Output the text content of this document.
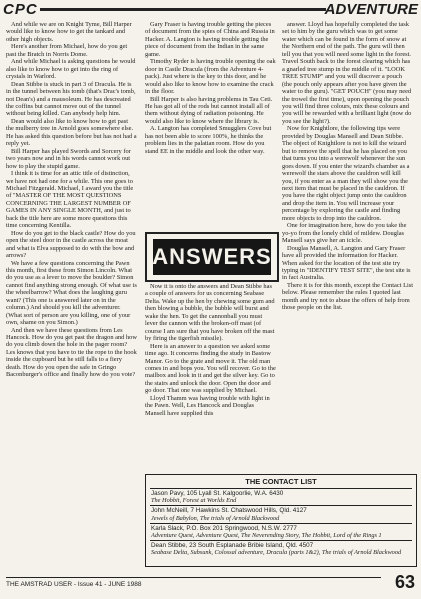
CPC	ADVENTURE

And while we are on Knight Tyme, Bill Harper would like to know how to get the tankard and other high objects.

Here's another from Michael, how do you get past the Bratch in Norris Dome.

And while Michael is asking questions he would also like to know how to get into the ring of crystals in Warlord.

Dean Stibbe is stuck in part 3 of Dracula. He is in the tunnel between his tomb (that's Drac's tomb, not Dean's) and a mausoleum. He has descreated the coffins but cannot move out of the tunnel without being killed. Can anybody help him.

Dean would also like to know how to get past the mulberry tree in Arnold goes somewhere else. He has asked this question before but has not had a reply yet.

Bill Harper has played Swords and Sorcery for two years now and in his words cannot work out how to play the stupid game.

I think it is time for an attic title of distinction, we have not had one for a while. This one goes to Michael Fitzgerald. Michael, I award you the title of "MASTER OF THE MOST QUESTIONS CONCERNING THE LARGEST NUMBER OF GAMES IN ANY SINGLE MONTH, and just to back the title here are some more questions this time concerning Kentilla.

How do you get to the black castle? How do you open the steel door in the castle across the moat and what is Elva supposed to do with the bow and arrows?

We have a few questions concerning the Pawn this month, first these from Simon Lincoln. What do you use as a lever to move the boulder? Simon cannot find anything strong enough. Of what use is the wheelbarrow? What does the laughing guru want? (This one is answered later on in the column.) And should you kill the adventurer. (What sort of person are you killing, one of your own, shame on you Simon.)

And then we have these questions from Les Hancock. How do you get past the dragon and how do you climb down the hole in the pager room? Les knows that you have to tie the rope to the hook inside the cupboard but he still falls to a fiery death. How do you open the safe in Gringo Baconburger's office and finally how do you vote?

Gary Fraser is having trouble getting the pieces of document from the spies of China and Russia in Hacker. A. Langton is having trouble getting the piece of document from the Indian in the same game.

Timothy Ryder is having trouble opening the oak door in Castle Dracula (from the Adventure 4-pack). Just where is the key to this door, and he would also like to know how to examine the crack in the floor.

Bill Harper is also having problems in Tau Ceti. He has got all of the rods but cannot install all of them without dying of radiation poisoning. He would also like to know where the library is.

A. Langton has completed Smugglers Cove but has not been able to score 100%, he thinks the problem lies in the palatian room. How do you stand EE in the middle and look the other way.

ANSWERS

Now it is onto the answers and Dean Stibbe has a couple of answers for us concerning Seabase Delta. Wake up the hen by chewing some gum and then blowing a bubble, the bubble will burst and wake the hen. To get the cannonball you must lever the cannon with the broken-off mast (of course I am sure that you have broken off the mast by firing the tigerfish missile).

Here is an answer to a question we asked some time ago. It concerns finding the study in Bastow Manor. Go to the grate and move it. The old man comes in and bops you. You will recover. Go to the mailbox and look in it and get the silver key. Go to the stairs and unlock the door. Open the door and go door. That one was supplied by Michael.

Lloyd Thamm was having trouble with light in the Pawn. Well, Les Hancock and Douglas Mansell have supplied this

answer. Lloyd has hopefully completed the task set to him by the guru which was to get some water which can be found in the form of snow at the Northern end of the path. The guru will then tell you that you will need some light in the forest. Travel South back to the forest clearing which has a gnarled tree stump in the middle of it. "LOOK TREE STUMP" and you will discover a pouch (the pouch only appears after you have given the water to the guru). "GET POUCH" (you may need the trowel the first time), upon opening the pouch you will find three colours, mix these colours and you will be rewarded with a brilliant light (now do you see the light?).

Now for Knightlore, the following tips were provided by Douglas Mansell and Dean Stibbe. The object of Knightlore is not to kill the wizard but to remove the spell that he has placed on you that turns you into a werewolf whenever the sun goes down. If you enter the wizard's chamber as a werewolf the stars above the cauldron will kill you, if you enter as a man they will show you the next item that must be placed in the cauldron. If you have the right object jump onto the cauldron and drop the item in. You will increase your percentage by exploring the castle and finding more objects to drop into the cauldron.

One for imagination here, how do you take the yo-yo from the lonely child of mildew. Douglas Mansell says give her an icicle.

Douglas Mansell, A. Langton and Gary Fraser have all provided the information for Hacker. When asked for the location of the test site try typing in "IDENTIFY TEST SITE", the test site is in fact Australia.

There it is for this month, except the Contact List below. Please remember the rules I quoted last month and try not to abuse the offers of help from those people on the list.

THE CONTACT LIST
Jason Pavy, 105 Lyall St. Kalgoorlie, W.A. 6430
The Hobbit, Forest at Worlds End
John McNeill, 7 Hawkins St. Chatswood Hills, Qld. 4127
Jewels of Babylon, The trials of Arnold Blackwood
Karla Slack, P.O. Box 201 Springwood, N.S.W. 2777
Adventure Quest, Adventure Quest, The Neverending Story, The Hobbit, Lord of the Rings 1
Dean Stibbe, 23 South Esplanade Bribie Island, Qld. 4507
Seabase Delta, Subsunk, Colossal adventure, Dracula (parts 1&2), The trials of Arnold Blackwood
THE AMSTRAD USER - Issue 41 - JUNE 1988	63
